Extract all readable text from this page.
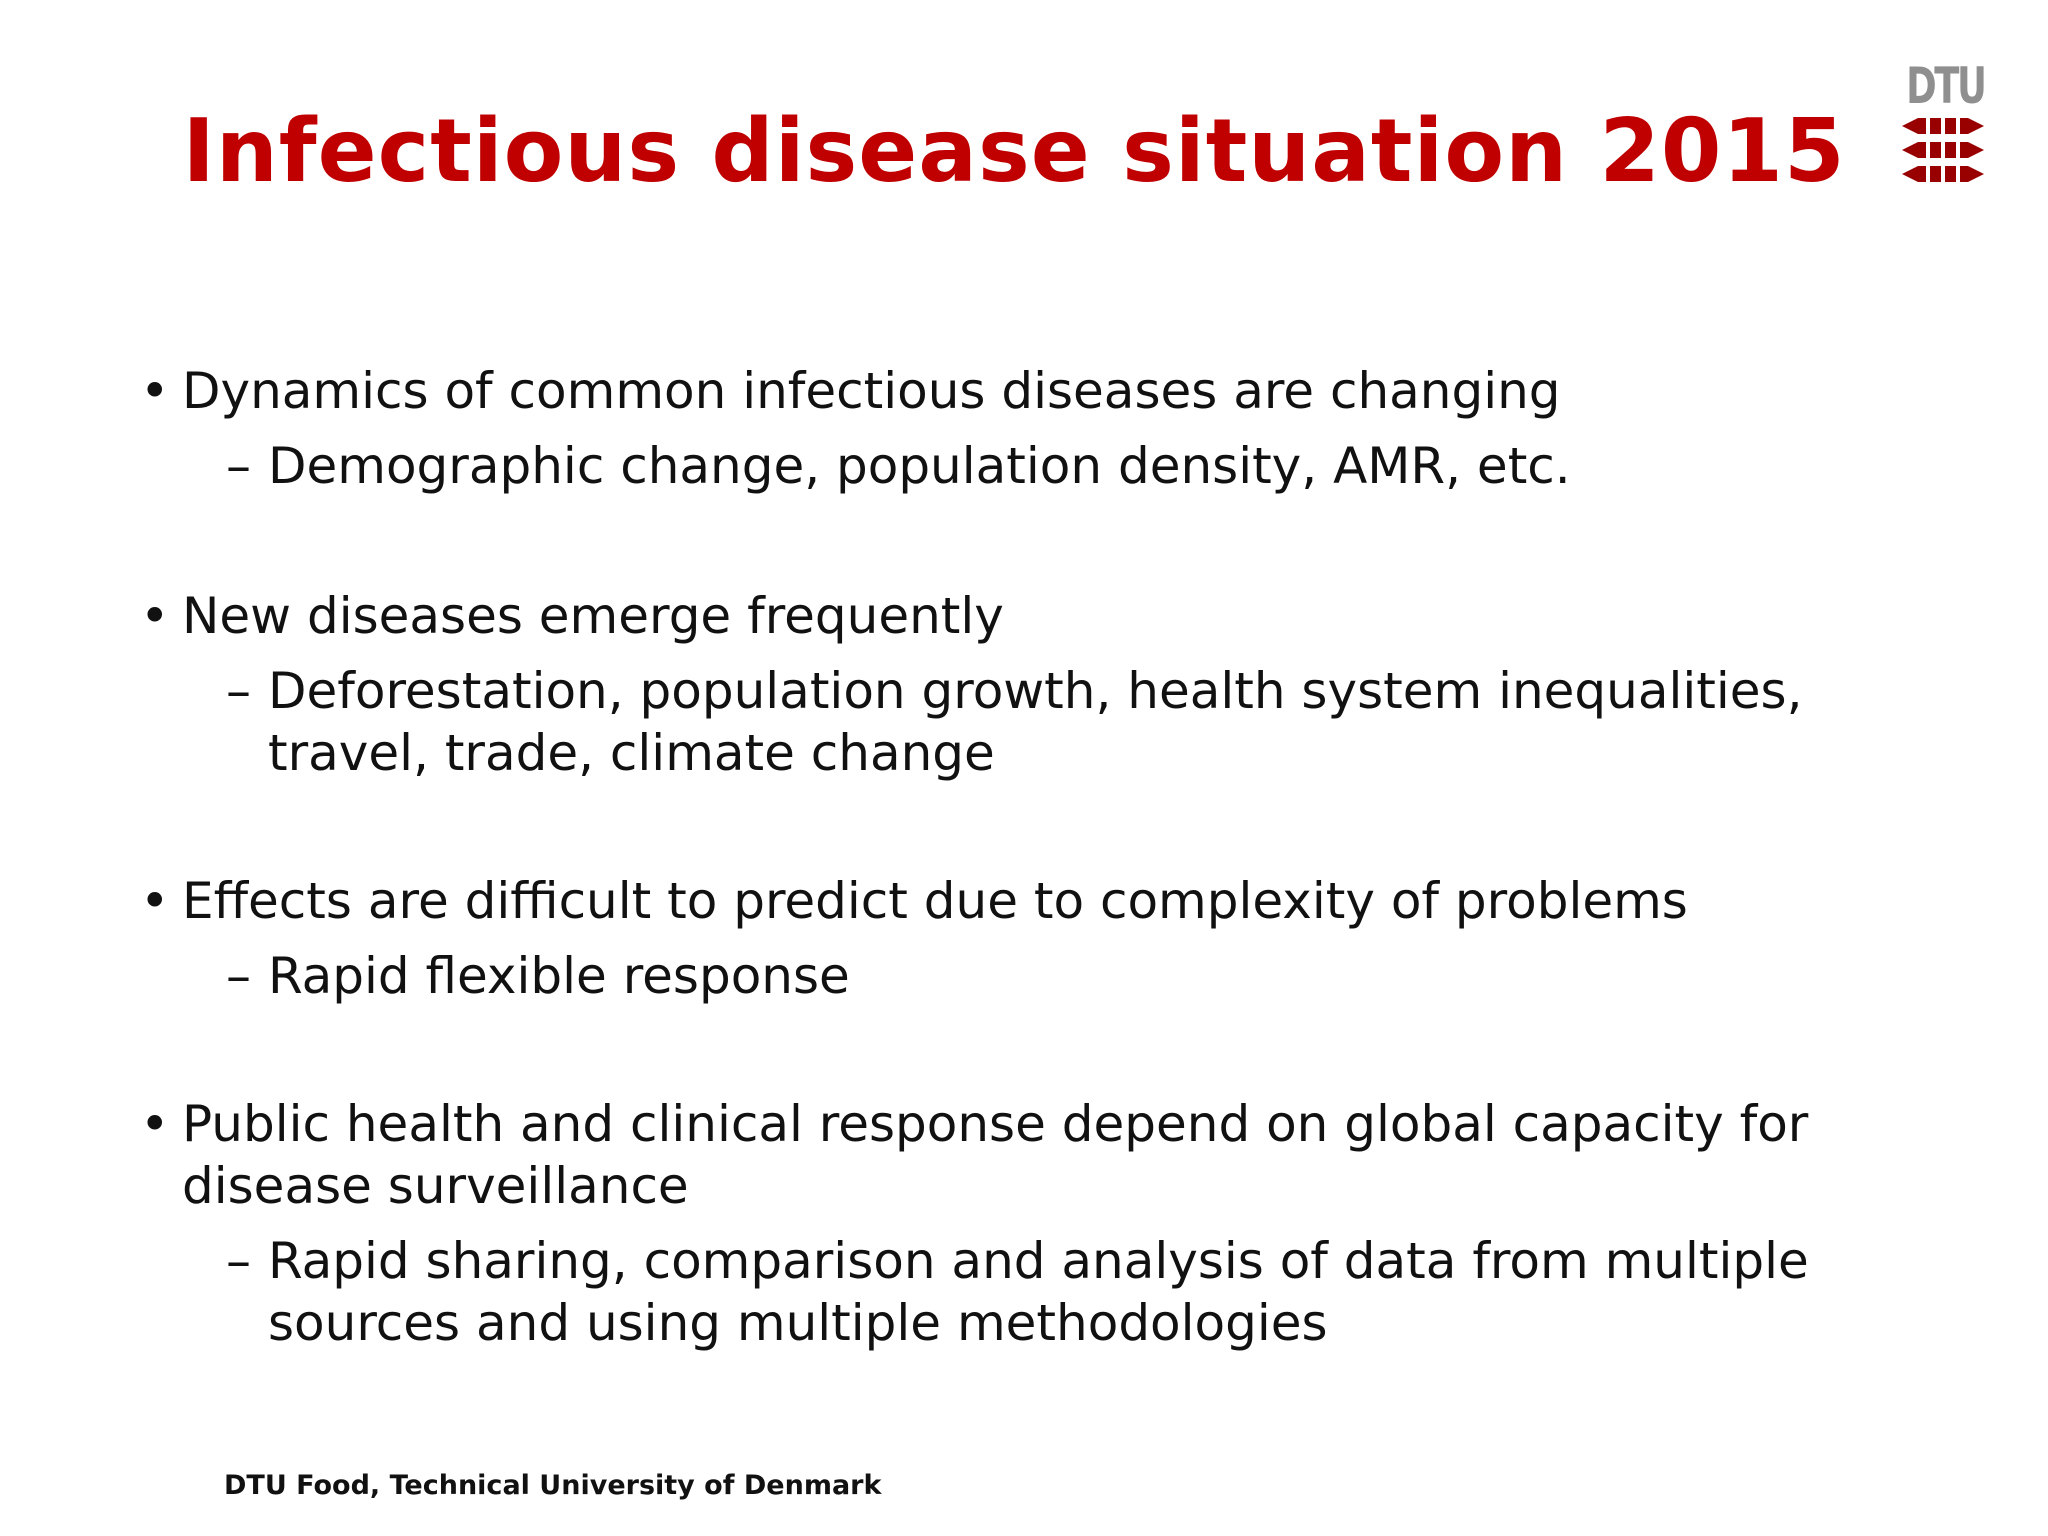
Infectious disease situation 2015
DTU
• Dynamics of common infectious diseases are changing
– Demographic change, population density, AMR, etc.
• New diseases emerge frequently
– Deforestation, population growth, health system inequalities, travel, trade, climate change
• Effects are difficult to predict due to complexity of problems
– Rapid flexible response
• Public health and clinical response depend on global capacity for disease surveillance
– Rapid sharing, comparison and analysis of data from multiple sources and using multiple methodologies
DTU Food, Technical University of Denmark
